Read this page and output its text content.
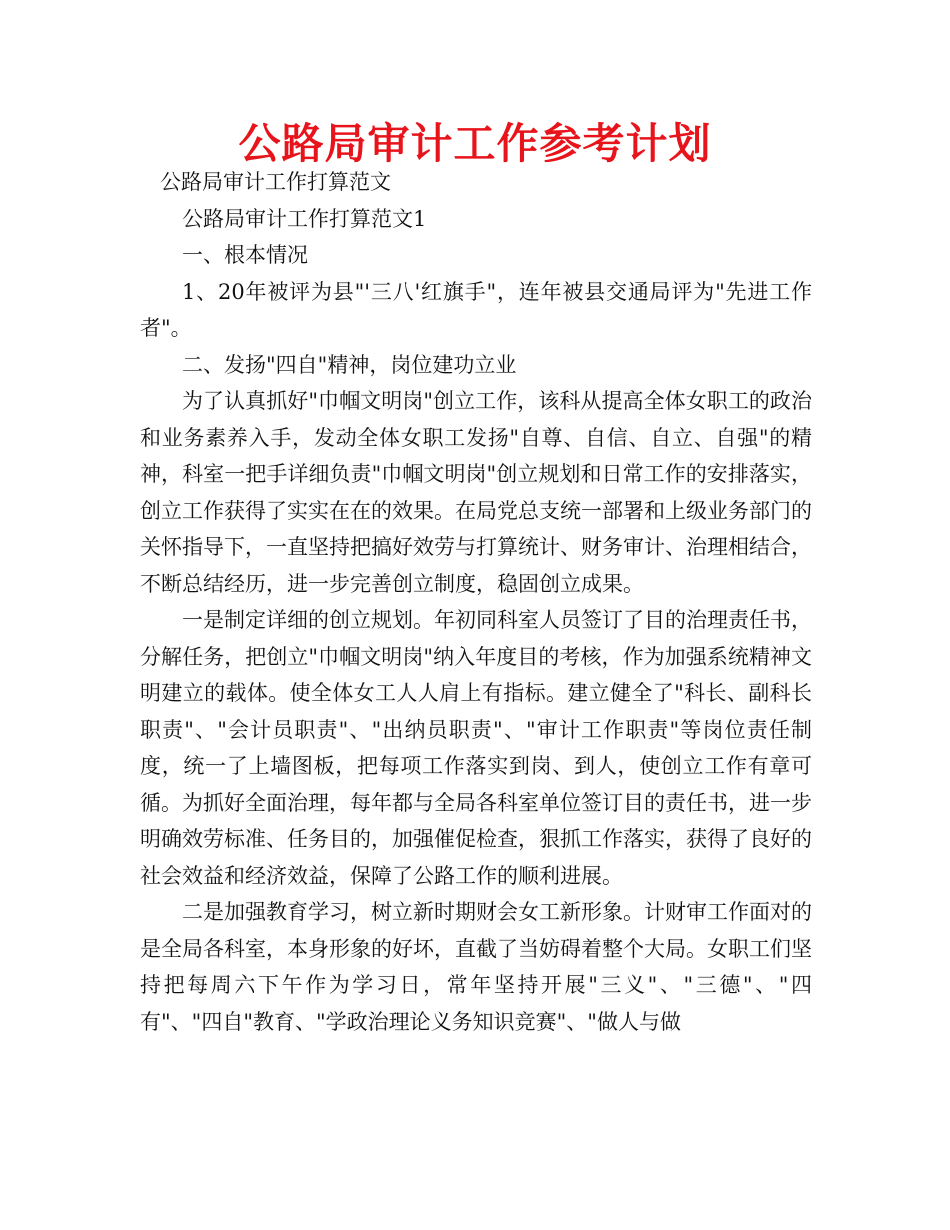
公路局审计工作参考计划

公路局审计工作打算范文

公路局审计工作打算范文1

一、根本情况

1、20年被评为县"'三八'红旗手"，连年被县交通局评为"先进工作者"。

二、发扬"四自"精神，岗位建功立业

为了认真抓好"巾帼文明岗"创立工作，该科从提高全体女职工的政治和业务素养入手，发动全体女职工发扬"自尊、自信、自立、自强"的精神，科室一把手详细负责"巾帼文明岗"创立规划和日常工作的安排落实，创立工作获得了实实在在的效果。在局党总支统一部署和上级业务部门的关怀指导下，一直坚持把搞好效劳与打算统计、财务审计、治理相结合，不断总结经历，进一步完善创立制度，稳固创立成果。

一是制定详细的创立规划。年初同科室人员签订了目的治理责任书，分解任务，把创立"巾帼文明岗"纳入年度目的考核，作为加强系统精神文明建立的载体。使全体女工人人肩上有指标。建立健全了"科长、副科长职责"、"会计员职责"、"出纳员职责"、"审计工作职责"等岗位责任制度，统一了上墙图板，把每项工作落实到岗、到人，使创立工作有章可循。为抓好全面治理，每年都与全局各科室单位签订目的责任书，进一步明确效劳标准、任务目的，加强催促检查，狠抓工作落实，获得了良好的社会效益和经济效益，保障了公路工作的顺利进展。

二是加强教育学习，树立新时期财会女工新形象。计财审工作面对的是全局各科室，本身形象的好坏，直截了当妨碍着整个大局。女职工们坚持把每周六下午作为学习日，常年坚持开展"三义"、"三德"、"四有"、"四自"教育、"学政治理论义务知识竞赛"、"做人与做
